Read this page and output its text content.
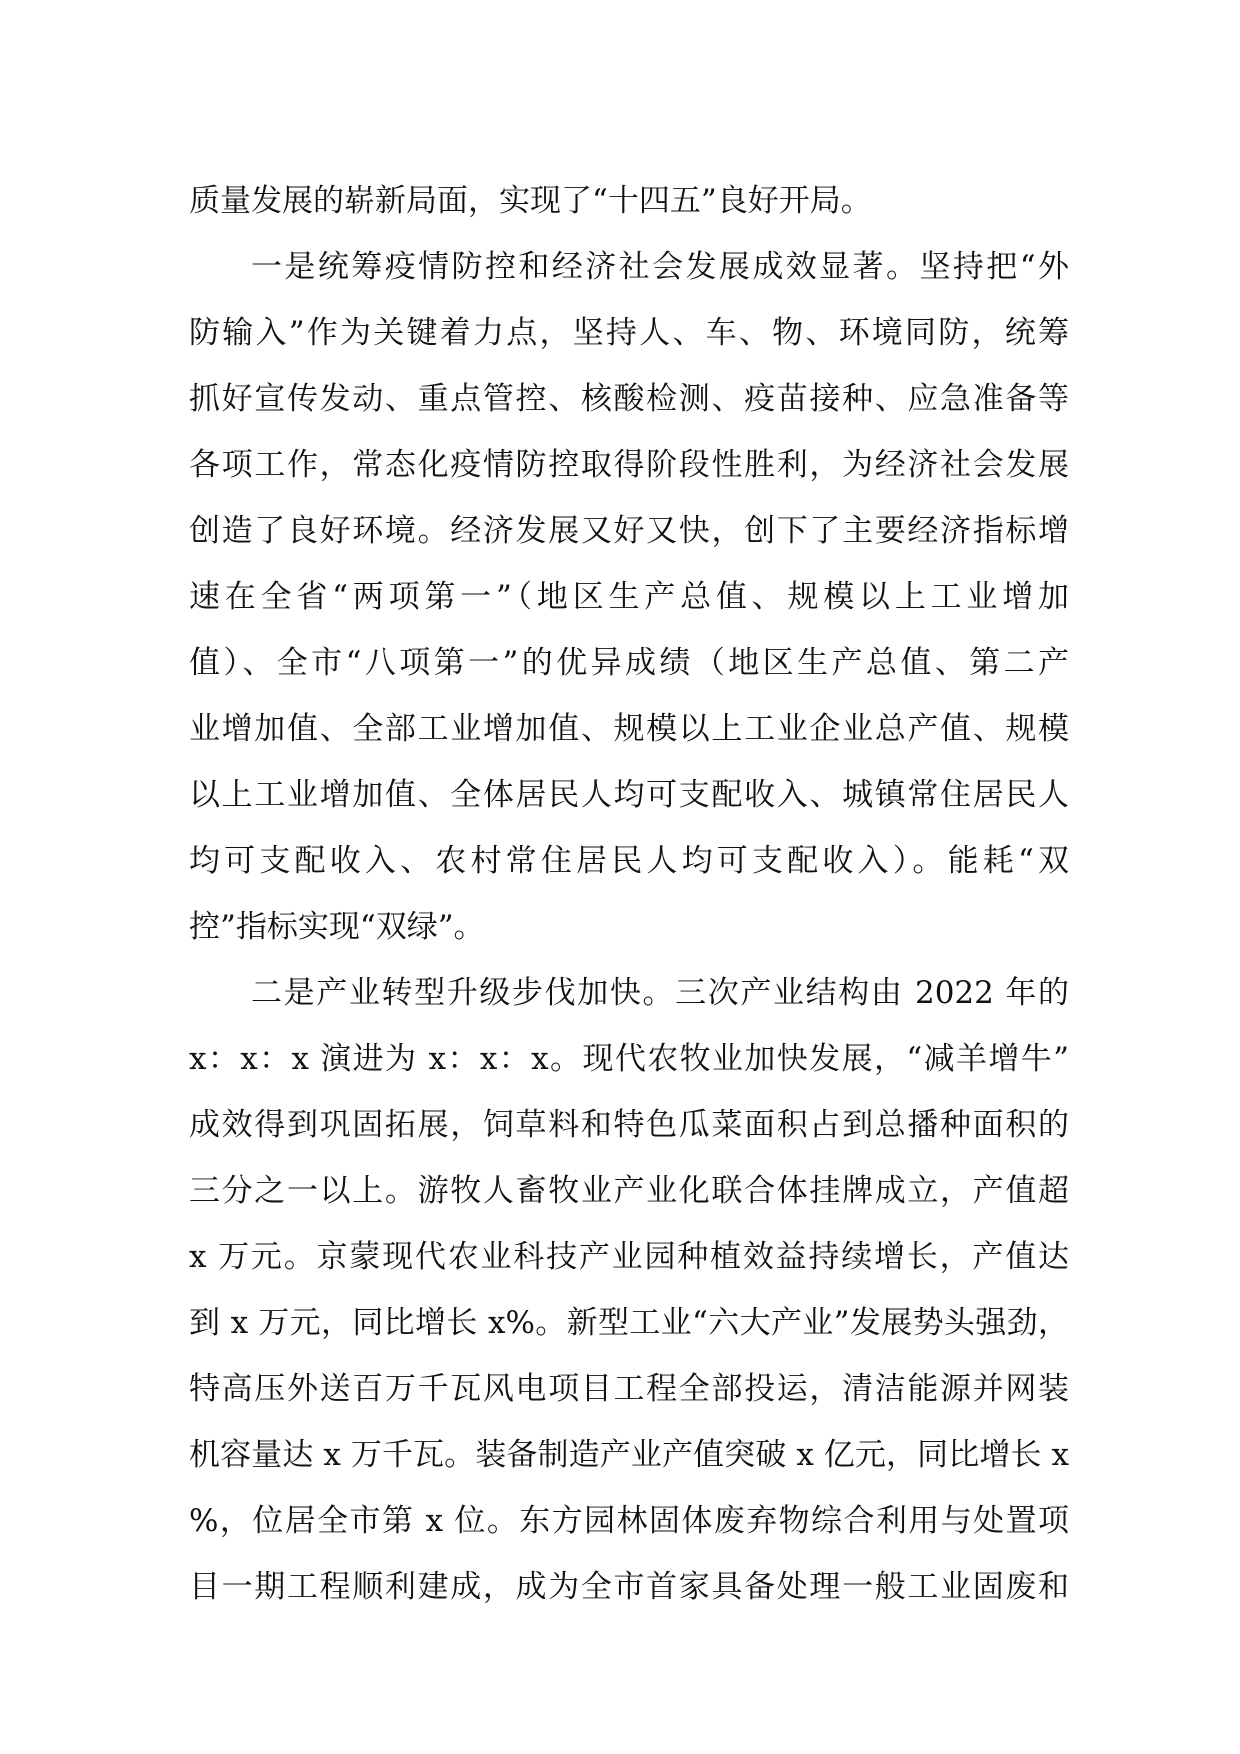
质量发展的崭新局面，实现了“十四五”良好开局。
一是统筹疫情防控和经济社会发展成效显著。坚持把“外
防输入”作为关键着力点，坚持人、车、物、环境同防，统筹
抓好宣传发动、重点管控、核酸检测、疫苗接种、应急准备等
各项工作，常态化疫情防控取得阶段性胜利，为经济社会发展
创造了良好环境。经济发展又好又快，创下了主要经济指标增
速在全省“两项第一”（地区生产总值、规模以上工业增加
值）、全市“八项第一”的优异成绩（地区生产总值、第二产
业增加值、全部工业增加值、规模以上工业企业总产值、规模
以上工业增加值、全体居民人均可支配收入、城镇常住居民人
均可支配收入、农村常住居民人均可支配收入）。能耗“双
控”指标实现“双绿”。
二是产业转型升级步伐加快。三次产业结构由 2022 年的
x：x：x 演进为 x：x：x。现代农牧业加快发展，“减羊增牛”
成效得到巩固拓展，饲草料和特色瓜菜面积占到总播种面积的
三分之一以上。游牧人畜牧业产业化联合体挂牌成立，产值超
x 万元。京蒙现代农业科技产业园种植效益持续增长，产值达
到 x 万元，同比增长 x%。新型工业“六大产业”发展势头强劲，
特高压外送百万千瓦风电项目工程全部投运，清洁能源并网装
机容量达 x 万千瓦。装备制造产业产值突破 x 亿元，同比增长 x
%，位居全市第 x 位。东方园林固体废弃物综合利用与处置项
目一期工程顺利建成，成为全市首家具备处理一般工业固废和
